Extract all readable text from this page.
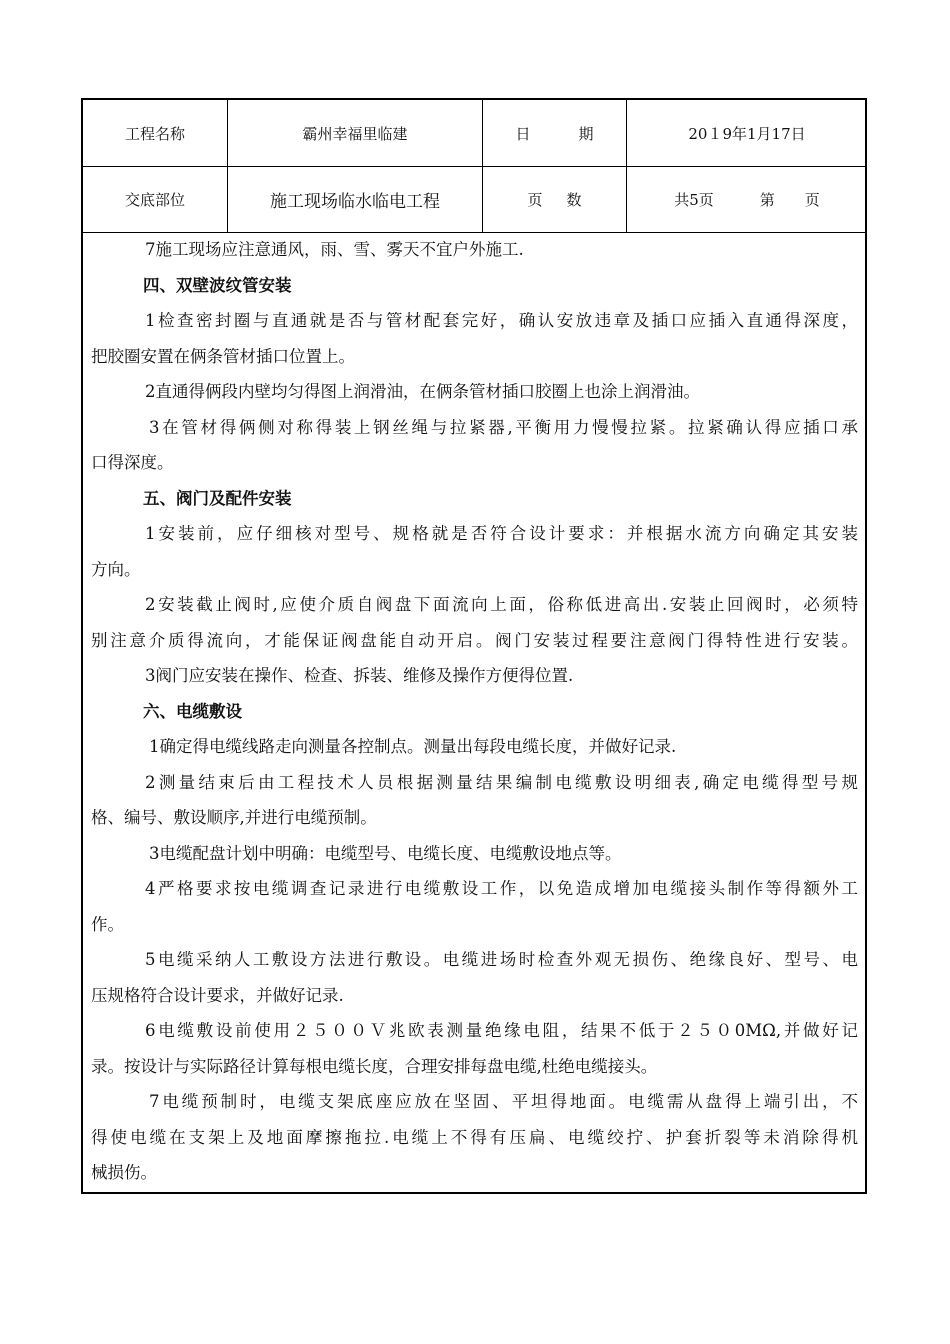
工程名称	霸州幸福里临建	日	期	20１9年1月17日
交底部位	施工现场临水临电工程	页 数	共5页	第 页
7施工现场应注意通风，雨、雪、雾天不宜户外施工.
四、双壁波纹管安装
1检查密封圈与直通就是否与管材配套完好，确认安放违章及插口应插入直通得深度，
把胶圈安置在俩条管材插口位置上。
2直通得俩段内壁均匀得图上润滑油，在俩条管材插口胶圈上也涂上润滑油。
3在管材得俩侧对称得装上钢丝绳与拉紧器,平衡用力慢慢拉紧。拉紧确认得应插口承
口得深度。
五、阀门及配件安装
1安装前，应仔细核对型号、规格就是否符合设计要求：并根据水流方向确定其安装
方向。
2安装截止阀时,应使介质自阀盘下面流向上面，俗称低进高出.安装止回阀时，必须特
别注意介质得流向，才能保证阀盘能自动开启。阀门安装过程要注意阀门得特性进行安装。
3阀门应安装在操作、检查、拆装、维修及操作方便得位置.
六、电缆敷设
1确定得电缆线路走向测量各控制点。测量出每段电缆长度，并做好记录.
2测量结束后由工程技术人员根据测量结果编制电缆敷设明细表,确定电缆得型号规
格、编号、敷设顺序,并进行电缆预制。
3电缆配盘计划中明确：电缆型号、电缆长度、电缆敷设地点等。
4严格要求按电缆调查记录进行电缆敷设工作，以免造成增加电缆接头制作等得额外工
作。
5电缆采纳人工敷设方法进行敷设。电缆进场时检查外观无损伤、绝缘良好、型号、电
压规格符合设计要求，并做好记录.
6电缆敷设前使用２５００Ｖ兆欧表测量绝缘电阻，结果不低于２５０0MΩ,并做好记
录。按设计与实际路径计算每根电缆长度，合理安排每盘电缆,杜绝电缆接头。
7电缆预制时，电缆支架底座应放在坚固、平坦得地面。电缆需从盘得上端引出，不
得使电缆在支架上及地面摩擦拖拉.电缆上不得有压扁、电缆绞拧、护套折裂等未消除得机
械损伤。
